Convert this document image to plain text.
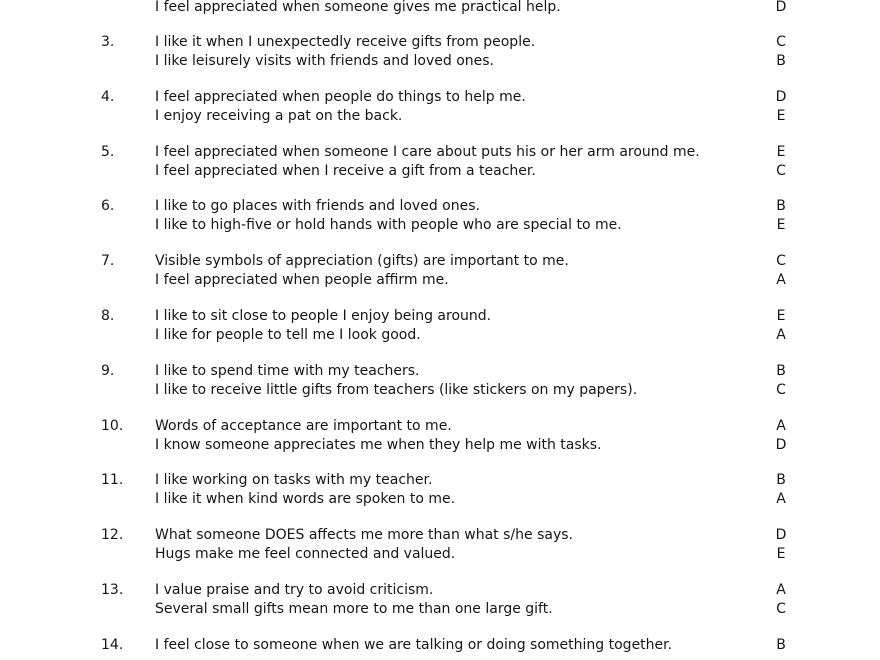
I feel appreciated when someone gives me practical help.	D
3.	I like it when I unexpectedly receive gifts from people.	C
I like leisurely visits with friends and loved ones.	B
4.	I feel appreciated when people do things to help me.	D
I enjoy receiving a pat on the back.	E
5.	I feel appreciated when someone I care about puts his or her arm around me.	E
I feel appreciated when I receive a gift from a teacher.	C
6.	I like to go places with friends and loved ones.	B
I like to high-five or hold hands with people who are special to me.	E
7.	Visible symbols of appreciation (gifts) are important to me.	C
I feel appreciated when people affirm me.	A
8.	I like to sit close to people I enjoy being around.	E
I like for people to tell me I look good.	A
9.	I like to spend time with my teachers.	B
I like to receive little gifts from teachers (like stickers on my papers).	C
10.	Words of acceptance are important to me.	A
I know someone appreciates me when they help me with tasks.	D
11.	I like working on tasks with my teacher.	B
I like it when kind words are spoken to me.	A
12.	What someone DOES affects me more than what s/he says.	D
Hugs make me feel connected and valued.	E
13.	I value praise and try to avoid criticism.	A
Several small gifts mean more to me than one large gift.	C
14.	I feel close to someone when we are talking or doing something together.	B
